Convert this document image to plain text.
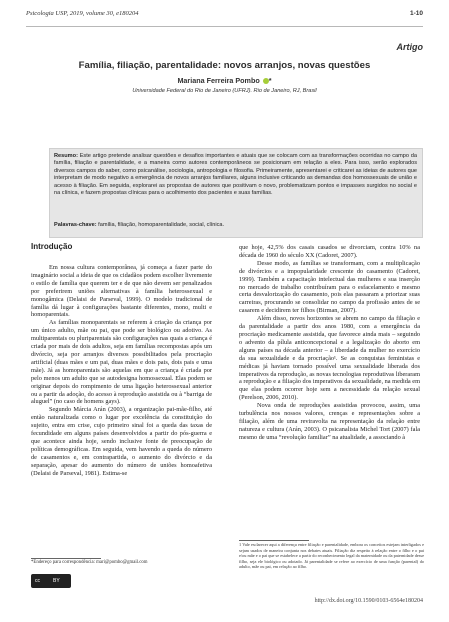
Psicologia USP, 2019, volume 30, e180204	1-10
Artigo
Família, filiação, parentalidade: novos arranjos, novas questões
Mariana Ferreira Pombo *
Universidade Federal do Rio de Janeiro (UFRJ). Rio de Janeiro, RJ, Brasil
Resumo: Este artigo pretende analisar questões e desafios importantes e atuais que se colocam com as transformações ocorridas no campo da família, filiação e parentalidade, e a maneira como autores contemporâneos se posicionam em relação a eles. Para isso, serão explorados diversos campos do saber, como psicanálise, sociologia, antropologia e filosofia. Primeiramente, apresentarei e criticarei as ideias de autores que interpretam de modo negativo a emergência de novos arranjos familiares, alguns inclusive criticando as demandas dos homossexuais de união e acesso à filiação. Em seguida, explorarei as propostas de autores que positivam o novo, problematizam pontos e impasses surgidos no social e na clínica, e fazem propostas clínicas para o acolhimento dos pacientes e suas famílias.
Palavras-chave: família, filiação, homoparentalidade, social, clínica.
Introdução

Em nossa cultura contemporânea, já começa a fazer parte do imaginário social a ideia de que os cidadãos podem escolher livremente o estilo de família que querem ter e de que não devem ser penalizados por preferirem uniões alternativas à família heterossexual e monogâmica (Delaisi de Parseval, 1999). O modelo tradicional de família dá lugar à configurações bastante diferentes, mono, multi e homoparentais.

As famílias monoparentais se referem à criação da criança por um único adulto, mãe ou pai, que pode ser biológico ou adotivo. As multiparentais ou pluriparentais são configurações nas quais a criança é criada por mais de dois adultos, seja em famílias recompostas após um divórcio, seja por arranjos diversos possibilitados pela procriação artificial (duas mães e um pai, duas mães e dois pais, dois pais e uma mãe). Já as homoparentais são aquelas em que a criança é criada por pelo menos um adulto que se autodesigna homossexual. Elas podem se originar depois do rompimento de uma ligação heterossexual anterior ou a partir da adoção, do acesso à reprodução assistida ou à “barriga de aluguel” (no caso de homens gays).

Segundo Márcia Arán (2003), a organização pai-mãe-filho, até então naturalizada como o lugar por excelência da constituição do sujeito, entra em crise, cujo primeiro sinal foi a queda das taxas de fecundidade em alguns países desenvolvidos a partir do pós-guerra e que acontece ainda hoje, sendo inclusive fonte de preocupação de políticas demográficas. Em seguida, vem havendo a queda do número de casamentos e, em contrapartida, o aumento do divórcio e da separação, apesar do aumento do número de uniões homoafetiva (Delaisi de Parseval, 1981). Estima-se

que hoje, 42,5% dos casais casados se divorciam, contra 10% na década de 1960 do século XX (Cadoret, 2007).

Desse modo, as famílias se transformam, com a multiplicação de divórcios e a impopularidade crescente do casamento (Cadoret, 1999). Também a capacitação intelectual das mulheres e sua inserção no mercado de trabalho contribuíram para o esfacelamento e mesmo certa desvalorização do casamento, pois elas passaram a priorizar suas carreiras, procurando se consolidar no campo da profissão antes de se casarem e decidirem ter filhos (Birman, 2007).

Além disso, novos horizontes se abrem no campo da filiação e da parentalidade a partir dos anos 1980, com a emergência da procriação medicamente assistida, que favorece ainda mais – seguindo o advento da pílula anticoncepcional e a legalização do aborto em alguns países na década anterior – a liberdade da mulher no exercício da sua sexualidade e da procriação¹. Se as conquistas feministas e médicas já haviam tornado possível uma sexualidade liberada dos imperativos da reprodução, as novas tecnologias reprodutivas liberaram a reprodução e a filiação dos imperativos da sexualidade, na medida em que elas podem ocorrer hoje sem a necessidade da relação sexual (Perelson, 2006, 2010).

Nova onda de reproduções assistidas provocou, assim, uma turbulência nos nossos valores, crenças e representações sobre a filiação, além de uma reviravolta na representação da relação entre natureza e cultura (Arán, 2003). O psicanalista Michel Tort (2007) fala mesmo de uma “revolução familiar” na atualidade, a associando à

1 Vale esclarecer aqui a diferença entre filiação e parentalidade, embora os conceitos estejam interligados e sejam usados de maneira conjunta nos debates atuais. Filiação diz respeito à relação entre o filho e o pai e/ou mãe e o pai que se estabelece a partir do reconhecimento legal da maternidade ou da paternidade desse filho, seja ele biológico ou adotado. Já parentalidade se refere ao exercício de uma função (parental) do adulto, mãe ou pai, em relação ao filho.
*Endereço para correspondência: mari@pombo@gmail.com
cc	BY
http://dx.doi.org/10.1590/0103-6564e180204
